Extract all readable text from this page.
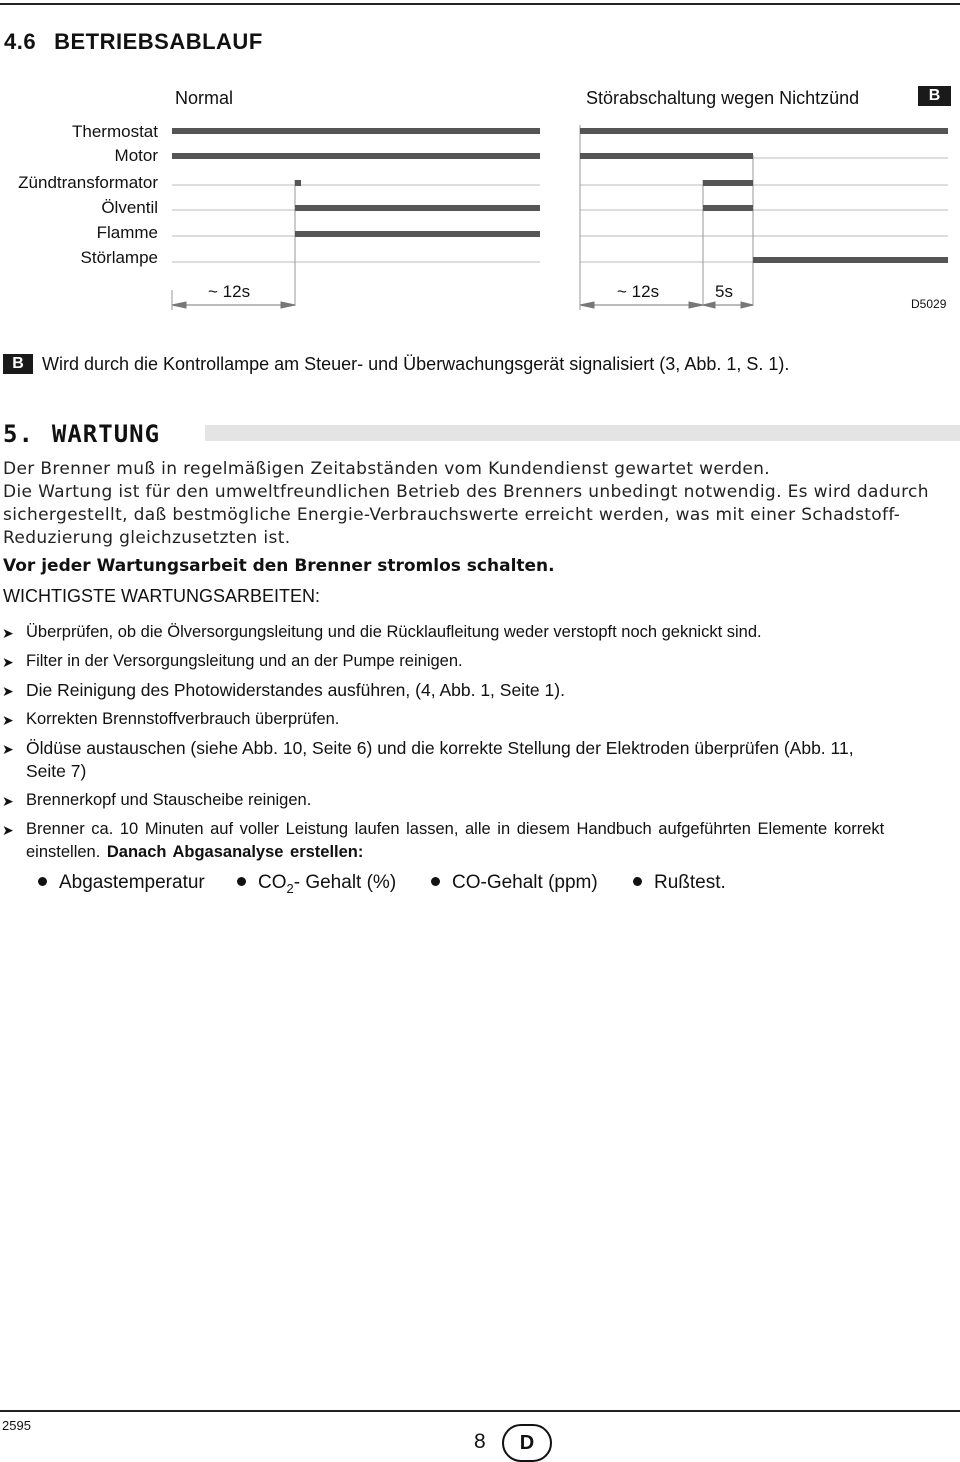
4.6 BETRIEBSABLAUF
Normal	Störabschaltung wegen Nichtzünd	B
Thermostat
Motor
Zündtransformator
Ölventil
Flamme
Störlampe
~ 12s	~ 12s	5s
D5029
B	Wird durch die Kontrollampe am Steuer- und Überwachungsgerät signalisiert (3, Abb. 1, S. 1).
5. WARTUNG
Der Brenner muß in regelmäßigen Zeitabständen vom Kundendienst gewartet werden.
Die Wartung ist für den umweltfreundlichen Betrieb des Brenners unbedingt notwendig. Es wird dadurch sichergestellt, daß bestmögliche Energie-Verbrauchswerte erreicht werden, was mit einer Schadstoff-Reduzierung gleichzusetzten ist.
Vor jeder Wartungsarbeit den Brenner stromlos schalten.
WICHTIGSTE WARTUNGSARBEITEN:
➤ Überprüfen, ob die Ölversorgungsleitung und die Rücklaufleitung weder verstopft noch geknickt sind.
➤ Filter in der Versorgungsleitung und an der Pumpe reinigen.
➤ Die Reinigung des Photowiderstandes ausführen, (4, Abb. 1, Seite 1).
➤ Korrekten Brennstoffverbrauch überprüfen.
➤ Öldüse austauschen (siehe Abb. 10, Seite 6) und die korrekte Stellung der Elektroden überprüfen (Abb. 11, Seite 7)
➤ Brennerkopf und Stauscheibe reinigen.
➤ Brenner ca. 10 Minuten auf voller Leistung laufen lassen, alle in diesem Handbuch aufgeführten Elemente korrekt einstellen. Danach Abgasanalyse erstellen:
Abgastemperatur	$CO_2-$ Gehalt (%)	CO-Gehalt (ppm)	Rußtest.
2595
8	D
